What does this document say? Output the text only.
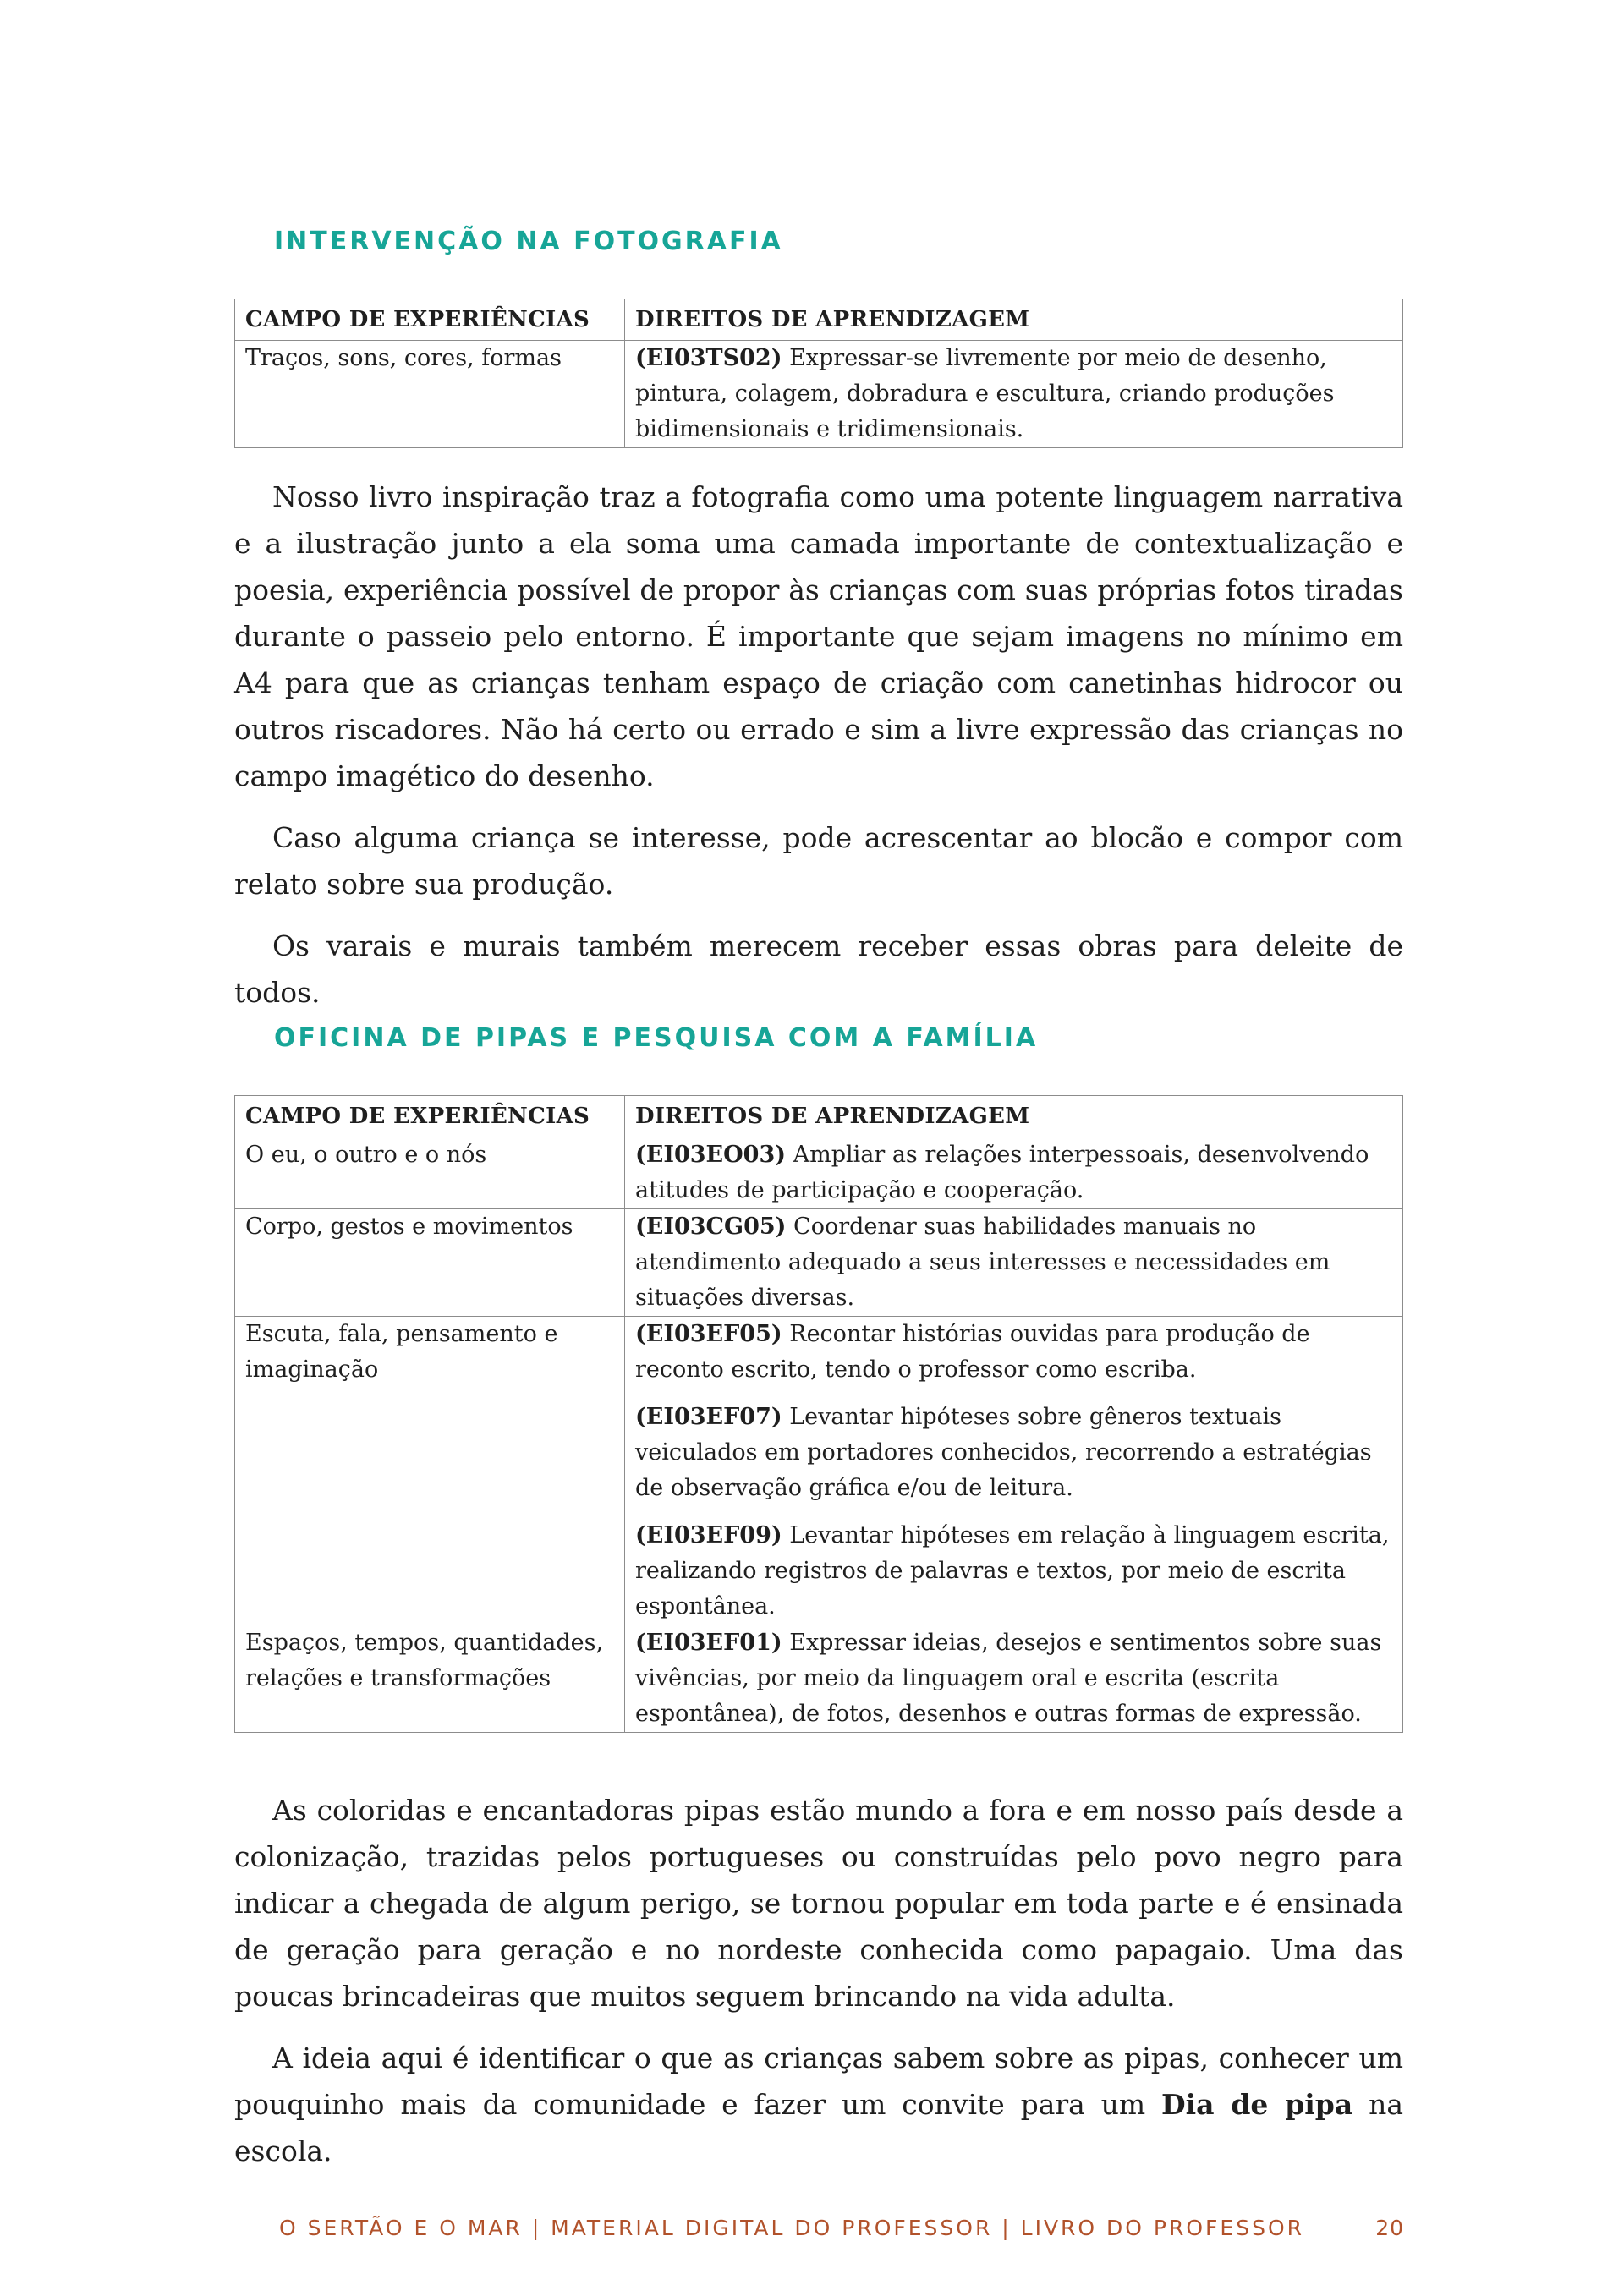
INTERVENÇÃO NA FOTOGRAFIA
CAMPO DE EXPERIÊNCIAS	DIREITOS DE APRENDIZAGEM
Traços, sons, cores, formas	(EI03TS02) Expressar-se livremente por meio de desenho, pintura, colagem, dobradura e escultura, criando produções bidimensionais e tridimensionais.

Nosso livro inspiração traz a fotografia como uma potente linguagem narrativa e a ilustração junto a ela soma uma camada importante de contextualização e poesia, experiência possível de propor às crianças com suas próprias fotos tiradas durante o passeio pelo entorno. É importante que sejam imagens no mínimo em A4 para que as crianças tenham espaço de criação com canetinhas hidrocor ou outros riscadores. Não há certo ou errado e sim a livre expressão das crianças no campo imagético do desenho.

Caso alguma criança se interesse, pode acrescentar ao blocão e compor com relato sobre sua produção.

Os varais e murais também merecem receber essas obras para deleite de todos.

OFICINA DE PIPAS E PESQUISA COM A FAMÍLIA
CAMPO DE EXPERIÊNCIAS	DIREITOS DE APRENDIZAGEM
O eu, o outro e o nós	(EI03EO03) Ampliar as relações interpessoais, desenvolvendo atitudes de participação e cooperação.

Corpo, gestos e movimentos	(EI03CG05) Coordenar suas habilidades manuais no atendimento adequado a seus interesses e necessidades em situações diversas.

Escuta, fala, pensamento e imaginação	(EI03EF05) Recontar histórias ouvidas para produção de reconto escrito, tendo o professor como escriba.
(EI03EF07) Levantar hipóteses sobre gêneros textuais veiculados em portadores conhecidos, recorrendo a estratégias de observação gráfica e/ou de leitura.
(EI03EF09) Levantar hipóteses em relação à linguagem escrita, realizando registros de palavras e textos, por meio de escrita espontânea.

Espaços, tempos, quantidades, relações e transformações	(EI03EF01) Expressar ideias, desejos e sentimentos sobre suas vivências, por meio da linguagem oral e escrita (escrita espontânea), de fotos, desenhos e outras formas de expressão.

As coloridas e encantadoras pipas estão mundo a fora e em nosso país desde a colonização, trazidas pelos portugueses ou construídas pelo povo negro para indicar a chegada de algum perigo, se tornou popular em toda parte e é ensinada de geração para geração e no nordeste conhecida como papagaio. Uma das poucas brincadeiras que muitos seguem brincando na vida adulta.

A ideia aqui é identificar o que as crianças sabem sobre as pipas, conhecer um pouquinho mais da comunidade e fazer um convite para um Dia de pipa na escola.

O SERTÃO E O MAR | MATERIAL DIGITAL DO PROFESSOR | LIVRO DO PROFESSOR	20
